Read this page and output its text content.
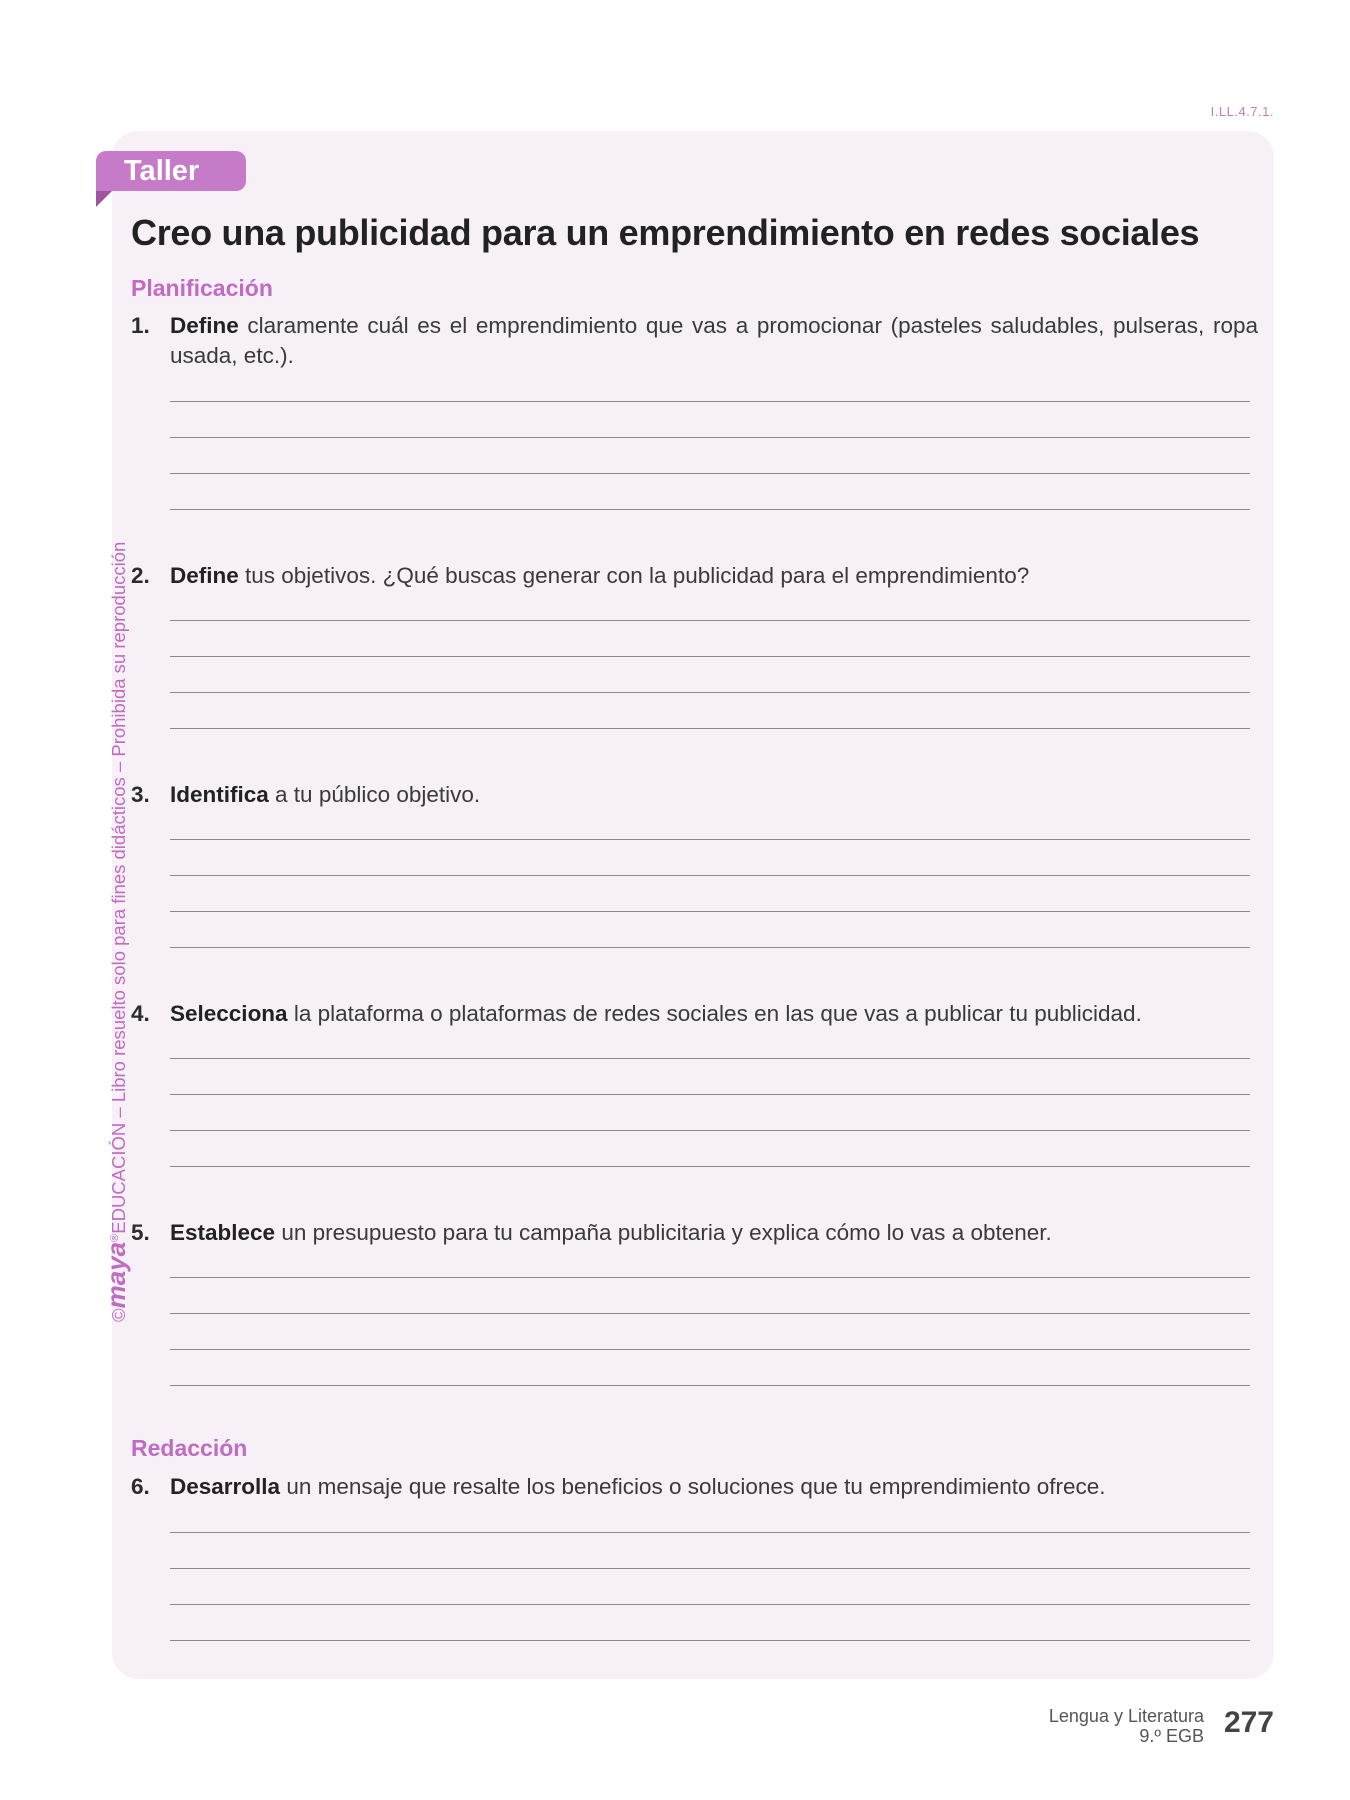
I.LL.4.7.1.
Taller
Creo una publicidad para un emprendimiento en redes sociales
Planificación
1. Define claramente cuál es el emprendimiento que vas a promocionar (pasteles saludables, pulseras, ropa usada, etc.).
2. Define tus objetivos. ¿Qué buscas generar con la publicidad para el emprendimiento?
3. Identifica a tu público objetivo.
4. Selecciona la plataforma o plataformas de redes sociales en las que vas a publicar tu publicidad.
5. Establece un presupuesto para tu campaña publicitaria y explica cómo lo vas a obtener.
Redacción
6. Desarrolla un mensaje que resalte los beneficios o soluciones que tu emprendimiento ofrece.
©maya®EDUCACIÓN – Libro resuelto solo para fines didácticos – Prohibida su reproducción
Lengua y Literatura
9.º EGB 277
